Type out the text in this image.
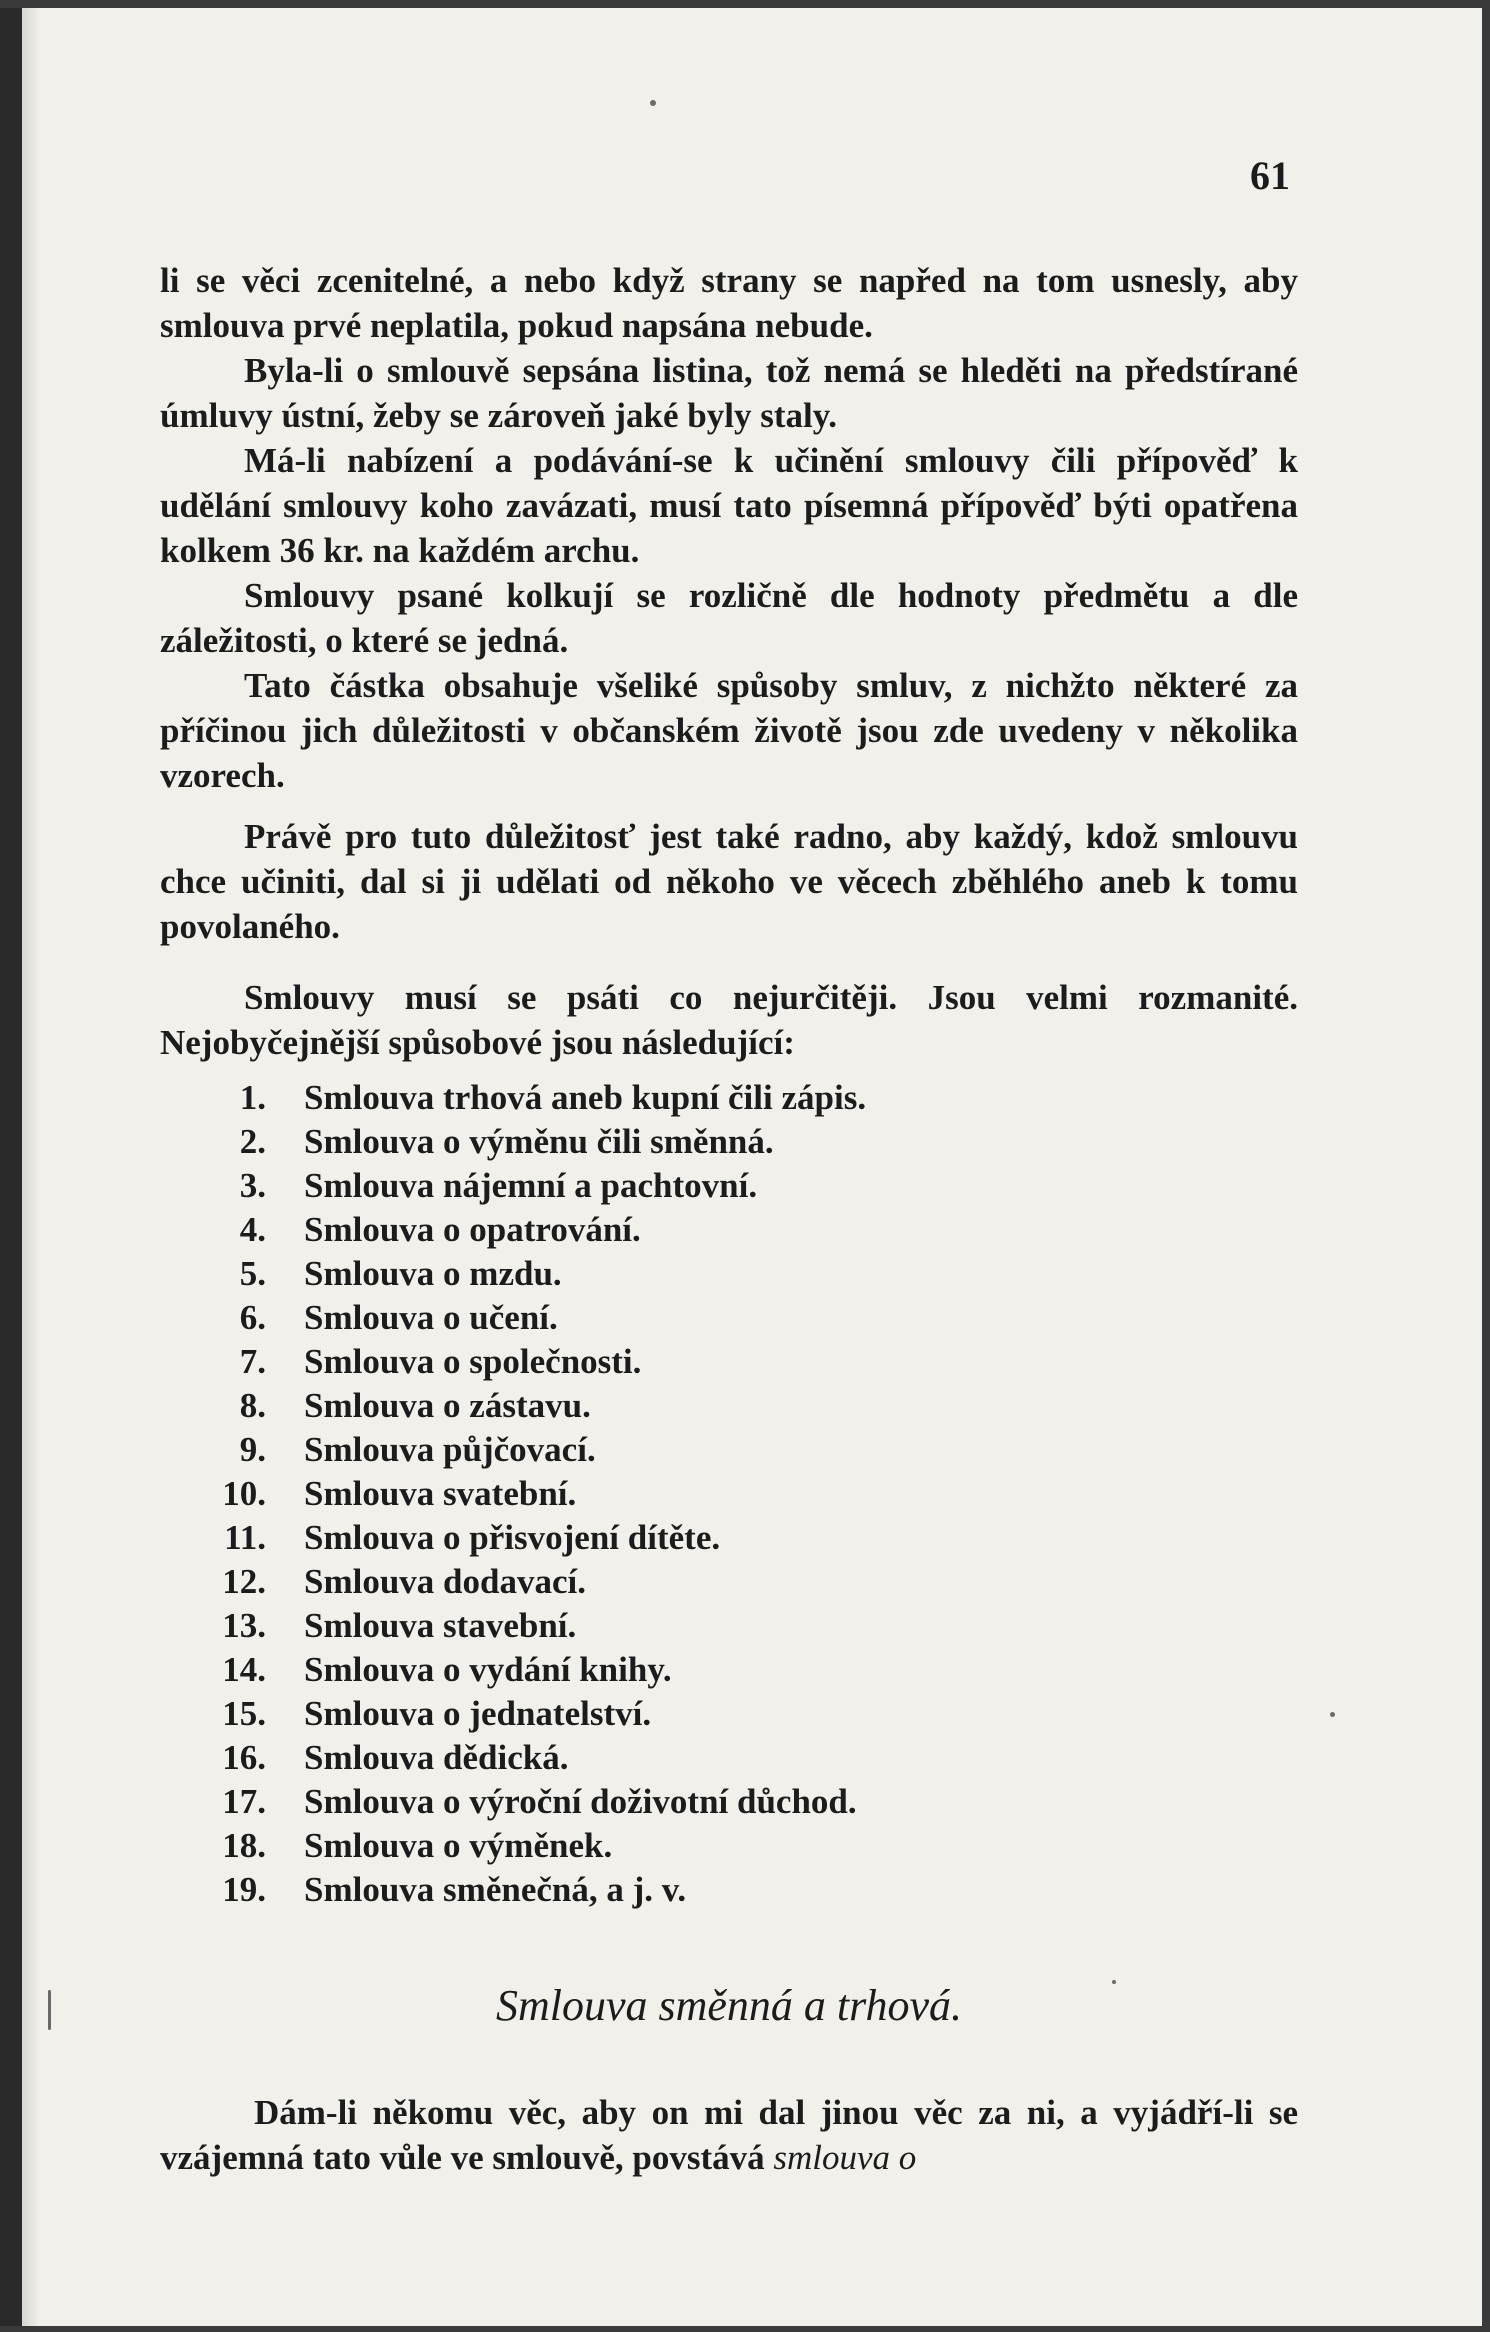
61

li se věci zcenitelné, a nebo když strany se napřed na tom usnesly, aby smlouva prvé neplatila, pokud napsána nebude.

Byla-li o smlouvě sepsána listina, tož nemá se hleděti na předstírané úmluvy ústní, žeby se zároveň jaké byly staly.

Má-li nabízení a podávání-se k učinění smlouvy čili přípověď k udělání smlouvy koho zavázati, musí tato písemná přípověď býti opatřena kolkem 36 kr. na každém archu.

Smlouvy psané kolkují se rozličně dle hodnoty předmětu a dle záležitosti, o které se jedná.

Tato částka obsahuje všeliké spůsoby smluv, z nichžto některé za příčinou jich důležitosti v občanském životě jsou zde uvedeny v několika vzorech.

Právě pro tuto důležitosť jest také radno, aby každý, kdož smlouvu chce učiniti, dal si ji udělati od někoho ve věcech zběhlého aneb k tomu povolaného.

Smlouvy musí se psáti co nejurčitěji. Jsou velmi rozmanité. Nejobyčejnější spůsobové jsou následující:

1.	Smlouva trhová aneb kupní čili zápis.
2.	Smlouva o výměnu čili směnná.
3.	Smlouva nájemní a pachtovní.
4.	Smlouva o opatrování.
5.	Smlouva o mzdu.
6.	Smlouva o učení.
7.	Smlouva o společnosti.
8.	Smlouva o zástavu.
9.	Smlouva půjčovací.
10.	Smlouva svatební.
11.	Smlouva o přisvojení dítěte.
12.	Smlouva dodavací.
13.	Smlouva stavební.
14.	Smlouva o vydání knihy.
15.	Smlouva o jednatelství.
16.	Smlouva dědická.
17.	Smlouva o výroční doživotní důchod.
18.	Smlouva o výměnek.
19.	Smlouva směnečná, a j. v.
Smlouva směnná a trhová.

Dám-li někomu věc, aby on mi dal jinou věc za ni, a vyjádří-li se vzájemná tato vůle ve smlouvě, povstává smlouva o
